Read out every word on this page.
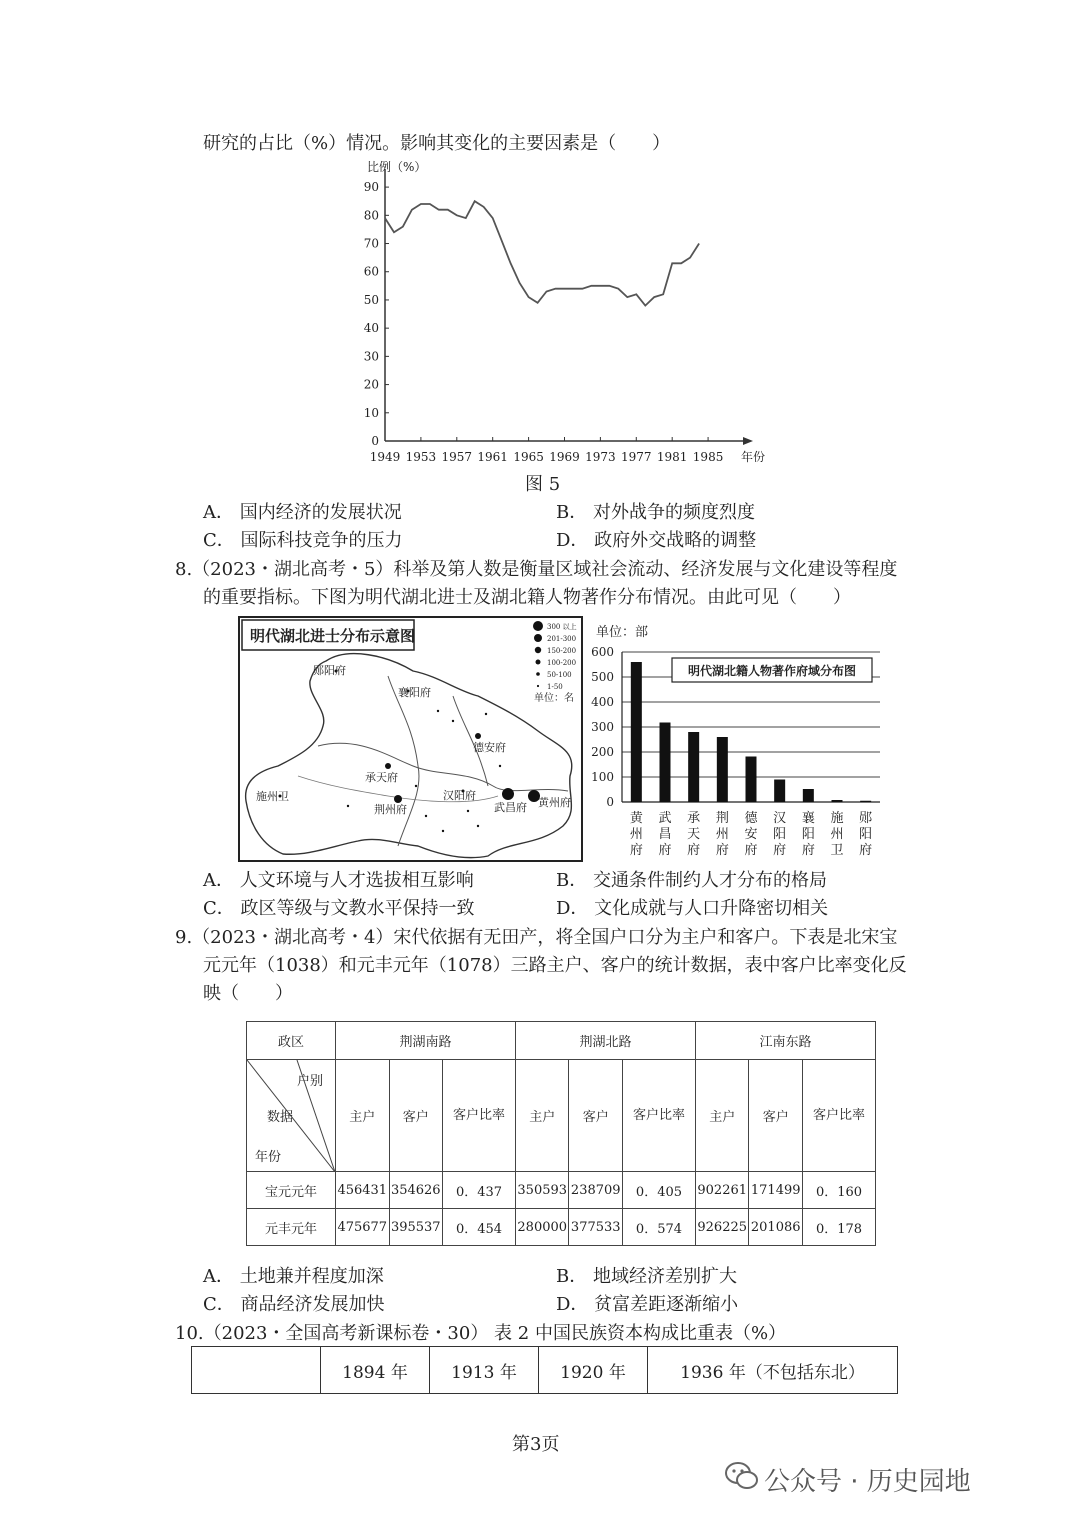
研究的占比（%）情况。影响其变化的主要因素是（　　）
比例（%）
0
10
20
30
40
50
60
70
80
90
1949 1953 1957 1961 1965 1969 1973 1977 1981 1985 年份
图 5
A． 国内经济的发展状况	B． 对外战争的频度烈度
C． 国际科技竞争的压力	D． 政府外交战略的调整
8.（2023・湖北高考・5）科举及第人数是衡量区域社会流动、经济发展与文化建设等程度
的重要指标。下图为明代湖北进士及湖北籍人物著作分布情况。由此可见（　　）
明代湖北进士分布示意图	300 以上
201-300
150-200
100-200
50-100
1-50
单位：名
郧阳府
襄阳府
德安府
承天府
汉阳府
武昌府 黄州府
荆州府
施州卫
单位：部
0
100
200
300
400
500
600
明代湖北籍人物著作府域分布图
黄州府
武昌府
承天府
荆州府
德安府
汉阳府
襄阳府
施州卫
郧阳府
A． 人文环境与人才选拔相互影响	B． 交通条件制约人才分布的格局
C． 政区等级与文教水平保持一致	D． 文化成就与人口升降密切相关
9.（2023・湖北高考・4）宋代依据有无田产，将全国户口分为主户和客户。下表是北宋宝
元元年（1038）和元丰元年（1078）三路主户、客户的统计数据，表中客户比率变化反
映（　　）
政区	荆湖南路			荆湖北路			江南东路		

户别
数据
年份	主户	客户	客户比率	主户	客户	客户比率	主户	客户	客户比率
宝元元年	456431	354626	0．437	350593	238709	0．405	902261	171499	0．160
元丰元年	475677	395537	0．454	280000	377533	0．574	926225	201086	0．178
A． 土地兼并程度加深	B． 地域经济差别扩大
C． 商品经济发展加快	D． 贫富差距逐渐缩小
10.（2023・全国高考新课标卷・30） 表 2 中国民族资本构成比重表（%）
	1894 年	1913 年	1920 年	1936 年（不包括东北）
第3页
公众号 · 历史园地
